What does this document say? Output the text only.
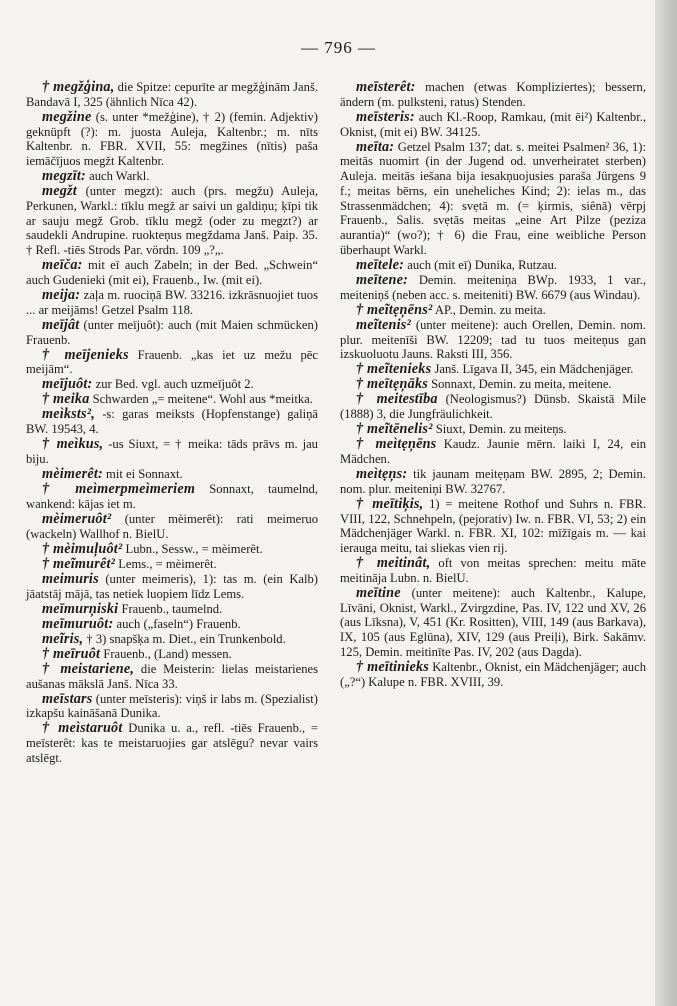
— 796 —
† megžģina, die Spitze: cepurīte ar megžģinām Janš. Bandavā I, 325 (ähnlich Nīca 42).
megžine (s. unter *mežģine), † 2) (femin. Adjektiv) geknüpft (?): m. juosta Auleja, Kaltenbr.; m. nīts Kaltenbr. n. FBR. XVII, 55: megžines (nītis) paša iemāčījuos megžt Kaltenbr.
megzīt: auch Warkl.
megžt (unter megzt): auch (prs. megžu) Auleja, Perkunen, Warkl.: tīklu megž ar saivi un galdiņu; ķīpi tik ar sauju megž Grob. tīklu megž (oder zu megzt?) ar saudekli Andrupine. ruokteņus megždama Janš. Paip. 35. † Refl. -tiēs Strods Par. vördn. 109 „?„.
meīča: mit eī auch Zabeln; in der Bed. „Schwein“ auch Gudenieki (mit ei), Frauenb., Iw. (mit ei).
meija: zaļa m. ruociņā BW. 33216. izkrāsnuojiet tuos ... ar meijāms! Getzel Psalm 118.
meījât (unter meījuôt): auch (mit Maien schmücken) Frauenb.
† meījenieks Frauenb. „kas iet uz mežu pēc meijām“.
meījuôt: zur Bed. vgl. auch uzmeījuôt 2.
† meika Schwarden „= meitene“. Wohl aus *meitka.
meìksts², -s: garas meiksts (Hopfenstange) galiņā BW. 19543, 4.
† meìkus, -us Siuxt, = † meika: tāds prāvs m. jau biju.
mèimerêt: mit ei Sonnaxt.
† meìmerpmeìmeriem Sonnaxt, taumelnd, wankend: kājas iet m.
mèimeruôt² (unter mèimerêt): rati meimeruo (wackeln) Wallhof n. BielU.
† mèimuļuôt² Lubn., Sessw., = mèimerêt.
† meĩmurêt² Lems., = mèimerêt.
meimuris (unter meimeris), 1): tas m. (ein Kalb) jāatstāj mājā, tas netiek luopiem līdz Lems.
meīmurņiski Frauenb., taumelnd.
meīmuruôt: auch („faseln“) Frauenb.
meĩris, † 3) snapšķa m. Diet., ein Trunkenbold.
† meīruôt Frauenb., (Land) messen.
† meistariene, die Meisterin: lielas meistarienes aušanas mākslā Janš. Nīca 33.
meīstars (unter meīsteris): viņš ir labs m. (Spezialist) izkapšu kaināšanā Dunika.
† meìstaruôt Dunika u. a., refl. -tiēs Frauenb., = meīsterêt: kas te meistaruojies gar atslēgu? nevar vairs atslēgt.
meīsterêt: machen (etwas Kompliziertes); bessern, ändern (m. pulksteni, ratus) Stenden.
meīsteris: auch Kl.-Roop, Ramkau, (mit ēi²) Kaltenbr., Oknist, (mit ei) BW. 34125.
meīta: Getzel Psalm 137; dat. s. meitei Psalmen² 36, 1): meitās nuomirt (in der Jugend od. unverheiratet sterben) Auleja. meitās iešana bija iesakņuojusies paraša Jürgens 9 f.; meitas bērns, ein uneheliches Kind; 2): ielas m., das Strassenmädchen; 4): svẹtā m. (= ķirmis, siênā) vērpj Frauenb., Salis. svẹtās meitas „eine Art Pilze (peziza aurantia)“ (wo?); † 6) die Frau, eine weibliche Person überhaupt Warkl.
meītele: auch (mit eī) Dunika, Rutzau.
meītene: Demin. meiteniņa BWp. 1933, 1 var., meiteniņš (neben acc. s. meiteniti) BW. 6679 (aus Windau).
† meĩtẹņēns² AP., Demin. zu meita.
meĩtenis² (unter meitene): auch Orellen, Demin. nom. plur. meitenīši BW. 12209; tad tu tuos meiteņus gan izskuoluotu Jauns. Raksti III, 356.
† meĩtenieks Janš. Līgava II, 345, ein Mädchenjäger.
† meītẹņāks Sonnaxt, Demin. zu meita, meitene.
† meitestība (Neologismus?) Dünsb. Skaistā Mile (1888) 3, die Jungfräulichkeit.
† meĩtēnelis² Siuxt, Demin. zu meiteņs.
† meìtẹņēns Kaudz. Jaunie mērn. laiki I, 24, ein Mädchen.
meìtẹņs: tik jaunam meitẹņam BW. 2895, 2; Demin. nom. plur. meiteniņi BW. 32767.
† meītiķis, 1) = meitene Rothof und Suhrs n. FBR. VIII, 122, Schnehpeln, (pejorativ) Iw. n. FBR. VI, 53; 2) ein Mädchenjäger Warkl. n. FBR. XI, 102: mīžīgais m. — kai ierauga meitu, tai sliekas vien rij.
† meitinât, oft von meitas sprechen: meitu māte meitināja Lubn. n. BielU.
meītine (unter meitene): auch Kaltenbr., Kalupe, Līvāni, Oknist, Warkl., Zvirgzdine, Pas. IV, 122 und XV, 26 (aus Līksna), V, 451 (Kr. Rositten), VIII, 149 (aus Barkava), IX, 105 (aus Eglūna), XIV, 129 (aus Preiļi), Birk. Sakāmv. 125, Demin. meitinīte Pas. IV, 202 (aus Dagda).
† meītinieks Kaltenbr., Oknist, ein Mädchenjäger; auch („?“) Kalupe n. FBR. XVIII, 39.
